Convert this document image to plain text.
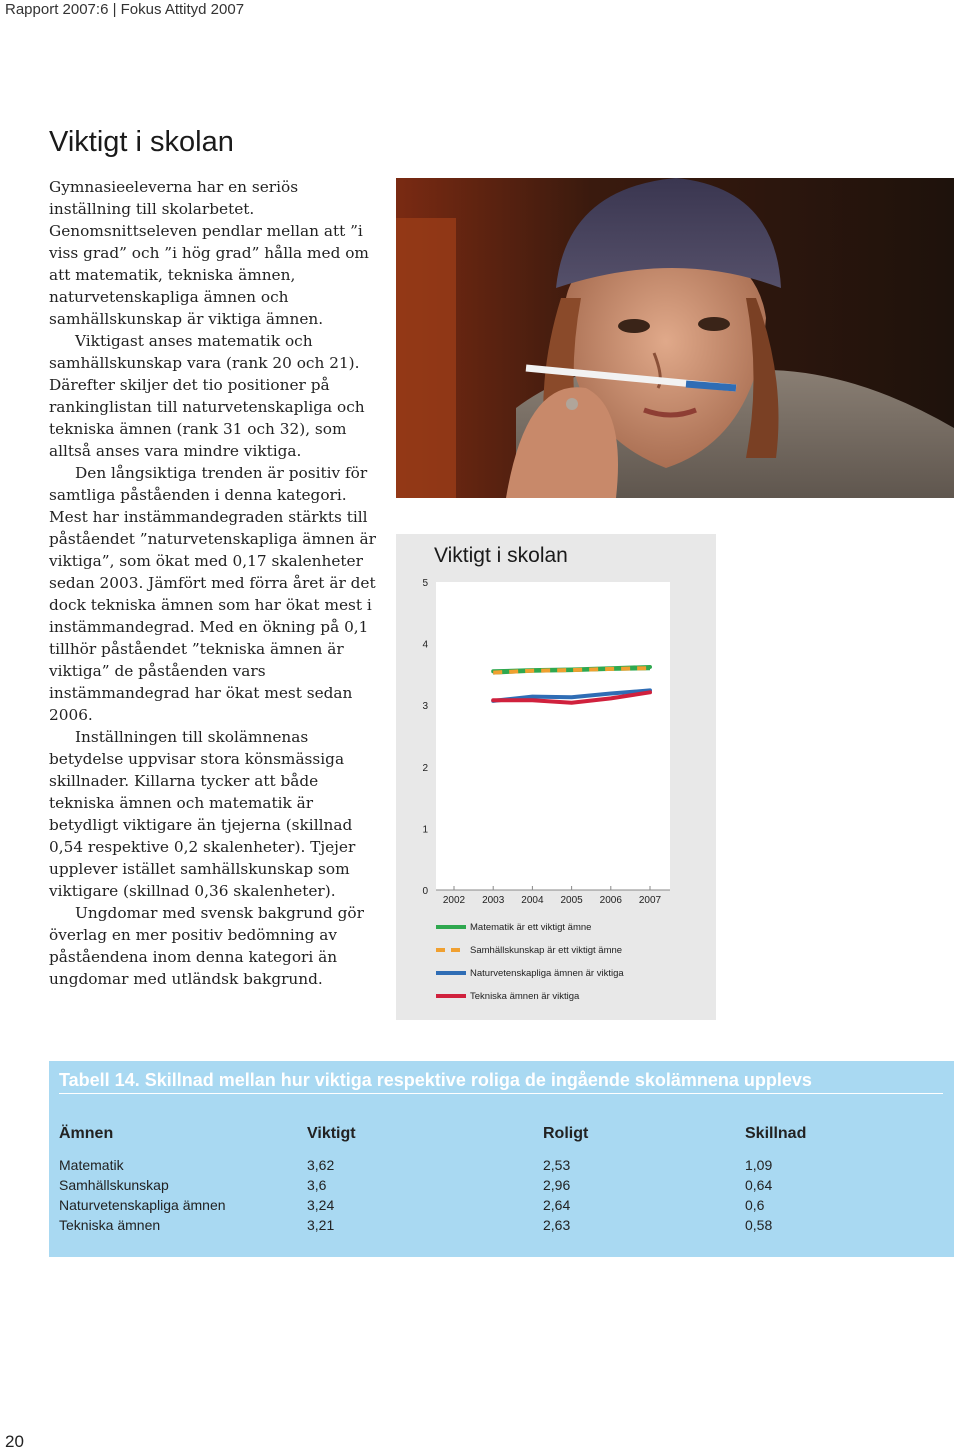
Rapport 2007:6 | Fokus Attityd 2007
Viktigt i skolan

Gymnasieeleverna har en seriös inställning till skolarbetet. Genomsnittseleven pendlar mellan att ”i viss grad” och ”i hög grad” hålla med om att matematik, tekniska ämnen, naturvetenskapliga ämnen och samhällskunskap är viktiga ämnen.

Viktigast anses matematik och samhällskunskap vara (rank 20 och 21). Därefter skiljer det tio positioner på rankinglistan till naturvetenskapliga och tekniska ämnen (rank 31 och 32), som alltså anses vara mindre viktiga.

Den långsiktiga trenden är positiv för samtliga påståenden i denna kategori. Mest har instämmandegraden stärkts till påståendet ”naturvetenskapliga ämnen är viktiga”, som ökat med 0,17 skalenheter sedan 2003. Jämfört med förra året är det dock tekniska ämnen som har ökat mest i instämmandegrad. Med en ökning på 0,1 tillhör påståendet ”tekniska ämnen är viktiga” de påståenden vars instämmandegrad har ökat mest sedan 2006.

Inställningen till skolämnenas betydelse uppvisar stora könsmässiga skillnader. Killarna tycker att både tekniska ämnen och matematik är betydligt viktigare än tjejerna (skillnad 0,54 respektive 0,2 skalenheter). Tjejer upplever istället samhällskunskap som viktigare (skillnad 0,36 skalenheter).

Ungdomar med svensk bakgrund gör överlag en mer positiv bedömning av påståendena inom denna kategori än ungdomar med utländsk bakgrund.

Viktigt i skolan
0
1
2
3
4
5
2002 2003 2004 2005 2006 2007
Matematik är ett viktigt ämne
Samhällskunskap är ett viktigt ämne
Naturvetenskapliga ämnen är viktiga
Tekniska ämnen är viktiga
Tabell 14. Skillnad mellan hur viktiga respektive roliga de ingående skolämnena upplevs
Ämnen	Viktigt	Roligt	Skillnad
Matematik	3,62	2,53	1,09
Samhällskunskap	3,6	2,96	0,64
Naturvetenskapliga ämnen	3,24	2,64	0,6
Tekniska ämnen	3,21	2,63	0,58
20
